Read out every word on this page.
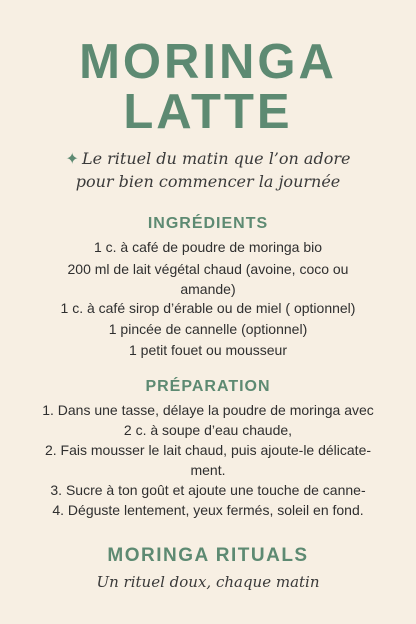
MORINGA
LATTE
✦ Le rituel du matin que l’on adore
pour bien commencer la journée
INGRÉDIENTS
1 c. à café de poudre de moringa bio
200 ml de lait végétal chaud (avoine, coco ou
amande)
1 c. à café sirop d’érable ou de miel ( optionnel)
1 pincée de cannelle (optionnel)
1 petit fouet ou mousseur
PRÉPARATION
1. Dans une tasse, délaye la poudre de moringa avec
2 c. à soupe d’eau chaude,
2. Fais mousser le lait chaud, puis ajoute-le délicate-
ment.
3. Sucre à ton goût et ajoute une touche de canne-
4. Déguste lentement, yeux fermés, soleil en fond.
MORINGA RITUALS
Un rituel doux, chaque matin
